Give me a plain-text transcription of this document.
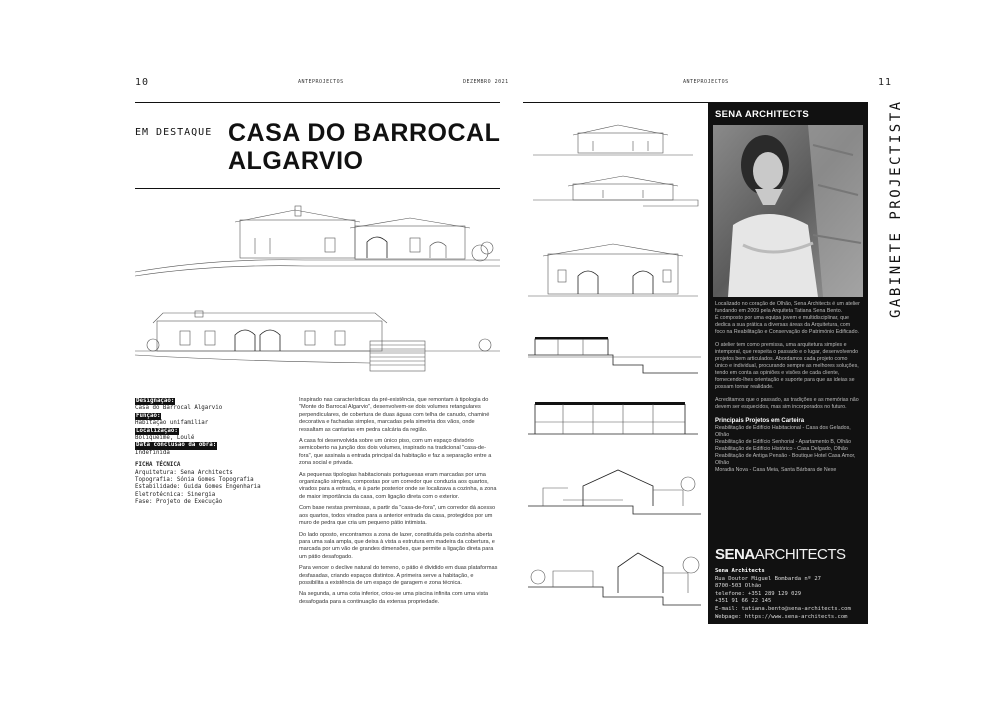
10	ANTEPROJECTOS	DEZEMBRO 2021	ANTEPROJECTOS	11
EM DESTAQUE CASA DO BARROCAL
ALGARVIO
Designação:
Casa do Barrocal Algarvio
Função:
Habitação unifamiliar
Localização:
Boliqueime, Loulé
Data conclusão da obra:
Indefinida
FICHA TÉCNICA
Arquitetura: Sena Architects
Topografia: Sónia Gomes Topografia
Estabilidade: Guida Gomes Engenharia
Eletrotécnica: Sinergia
Fase: Projeto de Execução

Inspirado nas características da pré-existência, que remontam à tipologia do "Monte do Barrocal Algarvio", desenvolvem-se dois volumes retangulares perpendiculares, de cobertura de duas águas com telha de canudo, chaminé decorativa e fachadas simples, marcadas pela simetria dos vãos, onde ressaltam as cantarias em pedra calcária da região.

A casa foi desenvolvida sobre um único piso, com um espaço divisório semicoberto na junção dos dois volumes, inspirado na tradicional "casa-de-fora", que assinala a entrada principal da habitação e faz a separação entre a zona social e privada.

As pequenas tipologias habitacionais portuguesas eram marcadas por uma organização simples, compostas por um corredor que conduzia aos quartos, virados para a entrada, e à parte posterior onde se localizava a cozinha, a zona de maior importância da casa, com ligação direta com o exterior.

Com base nestas premissas, a partir da "casa-de-fora", um corredor dá acesso aos quartos, todos virados para a anterior entrada da casa, protegidos por um muro de pedra que cria um pequeno pátio intimista.

Do lado oposto, encontramos a zona de lazer, constituída pela cozinha aberta para uma sala ampla, que deixa à vista a estrutura em madeira da cobertura, e marcada por um vão de grandes dimensões, que permite a ligação direta para um pátio desafogado.

Para vencer o declive natural do terreno, o pátio é dividido em duas plataformas desfasadas, criando espaços distintos. A primeira serve a habitação, e possibilita a existência de um espaço de garagem e zona técnica.

Na segunda, a uma cota inferior, criou-se uma piscina infinita com uma vista desafogada para a continuação da extensa propriedade.

SENA ARCHITECTS

Localizado no coração de Olhão, Sena Architects é um atelier fundando em 2009 pela Arquiteta Tatiana Sena Bento.

É composto por uma equipa jovem e multidisciplinar, que dedica a sua prática a diversas áreas da Arquitetura, com foco na Reabilitação e Conservação do Património Edificado.

O atelier tem como premissa, uma arquitetura simples e intemporal, que respeita o passado e o lugar, desenvolvendo projetos bem articulados. Abordamos cada projeto como único e individual, procurando sempre as melhores soluções, tendo em conta as opiniões e visões de cada cliente, fornecendo-lhes orientação e suporte para que as ideias se possam tornar realidade.

Acreditamos que o passado, as tradições e as memórias não devem ser esquecidos, mas sim incorporados no futuro.

Principais Projetos em Carteira
Reabilitação de Edifício Habitacional - Casa dos Gelados, Olhão
Reabilitação de Edifício Senhorial - Apartamento B, Olhão
Reabilitação de Edifício Histórico - Casa Delgado, Olhão
Reabilitação de Antiga Pensão - Boutique Hotel Casa Amor, Olhão
Moradia Nova - Casa Meia, Santa Bárbara de Nexe
SENAARCHITECTS
Sena Architects
Rua Doutor Miguel Bombarda nº 27
8700-503 Olhão
telefone: +351 289 129 029
+351 91 66 22 145
E-mail: tatiana.bento@sena-architects.com
Webpage: https://www.sena-architects.com
GABINETE PROJECTISTA
